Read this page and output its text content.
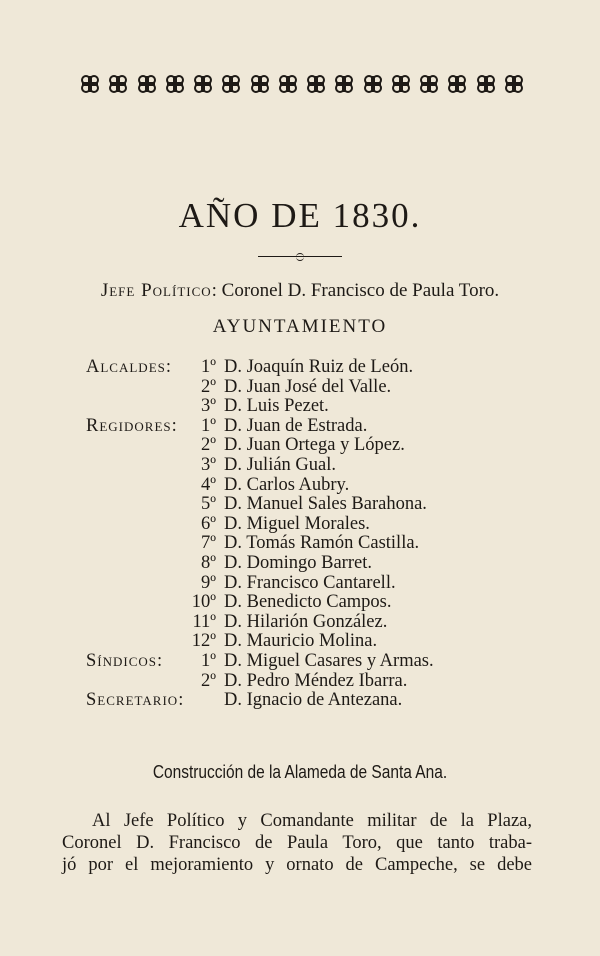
AÑO DE 1830.
Jefe Político: Coronel D. Francisco de Paula Toro.
AYUNTAMIENTO
Alcaldes:	1º D. Joaquín Ruiz de León.
2º D. Juan José del Valle.
3º D. Luis Pezet.
Regidores:	1º D. Juan de Estrada.
2º D. Juan Ortega y López.
3º D. Julián Gual.
4º D. Carlos Aubry.
5º D. Manuel Sales Barahona.
6º D. Miguel Morales.
7º D. Tomás Ramón Castilla.
8º D. Domingo Barret.
9º D. Francisco Cantarell.
10º D. Benedicto Campos.
11º D. Hilarión González.
12º D. Mauricio Molina.
Síndicos:	1º D. Miguel Casares y Armas.
2º D. Pedro Méndez Ibarra.
Secretario: D. Ignacio de Antezana.
Construcción de la Alameda de Santa Ana.
Al Jefe Político y Comandante militar de la Plaza,
Coronel D. Francisco de Paula Toro, que tanto traba-
jó por el mejoramiento y ornato de Campeche, se debe
